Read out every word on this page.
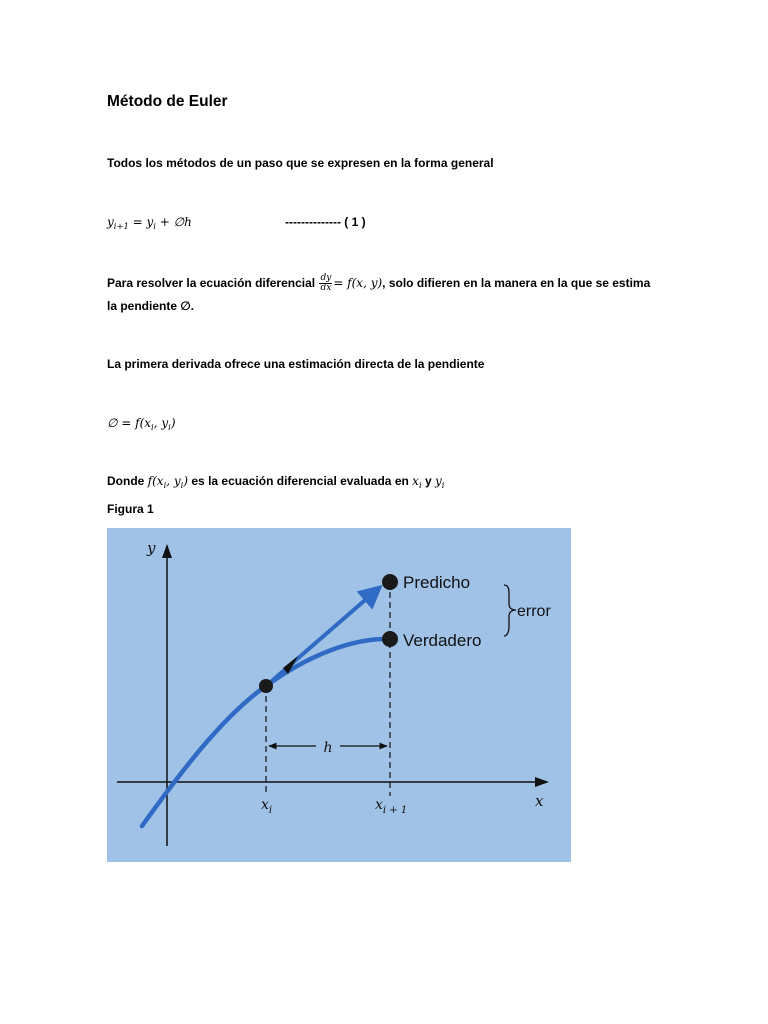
Método de Euler
Todos los métodos de un paso que se expresen en la forma general
$y_{i+1} = y_i$ + ∅h	-------------- ( 1 )
Para resolver la ecuación diferencial $\frac{dy}{dx} = f(x$, y), solo difieren en la manera en la que se estima
la pendiente ∅.
La primera derivada ofrece una estimación directa de la pendiente
∅ = $f(x_i$, $y_i$)
Donde $f(x_i$, $y_i$) es la ecuación diferencial evaluada en $x_i$ y $y_i$
Figura 1
y
x
h
Predicho
Verdadero
error
$x_i$	$x_{i + 1}$
